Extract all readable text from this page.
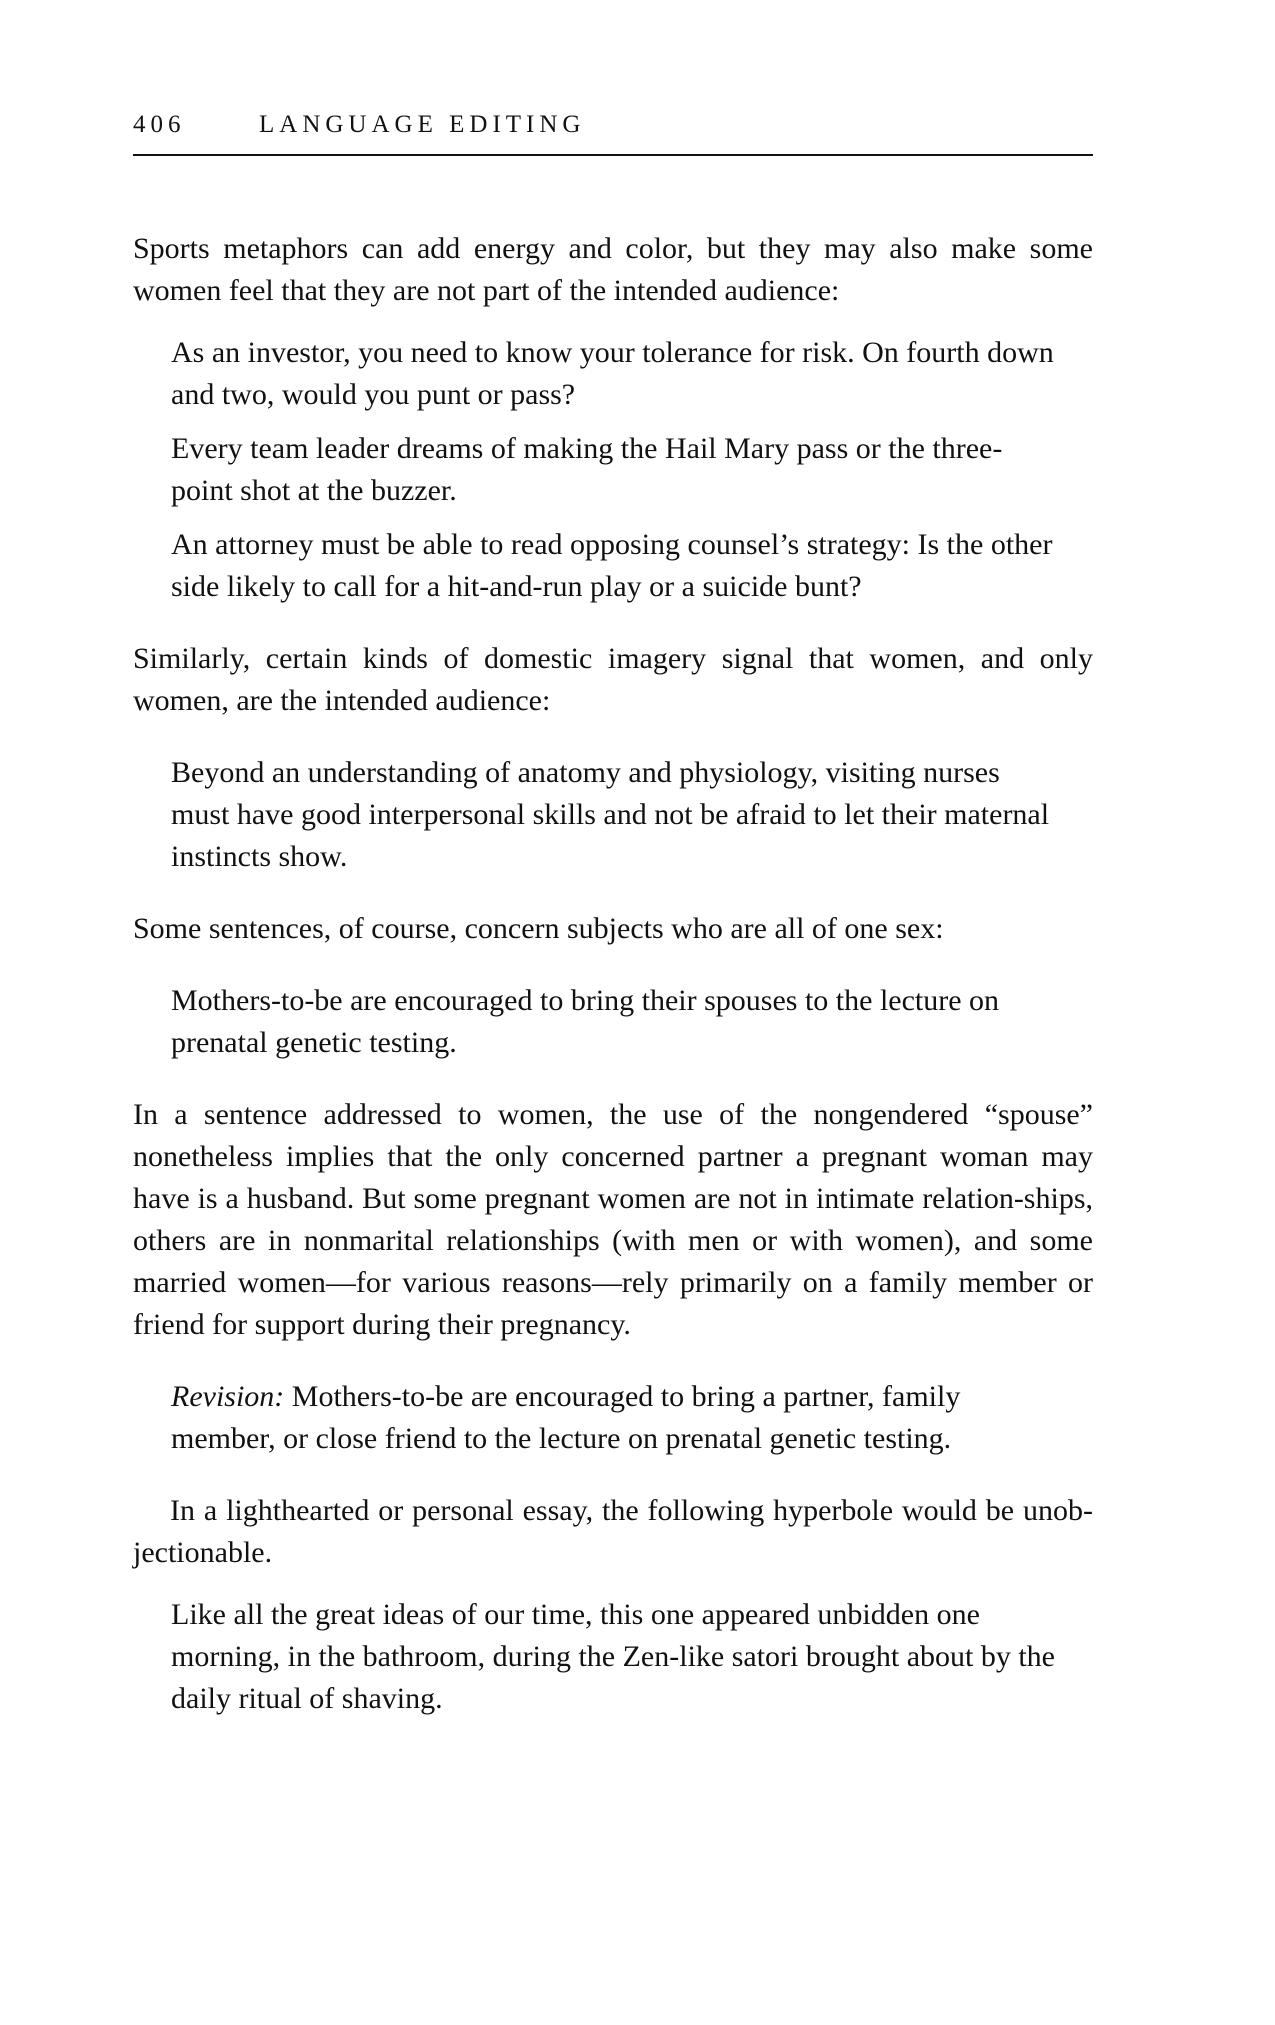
406	LANGUAGE EDITING

Sports metaphors can add energy and color, but they may also make some women feel that they are not part of the intended audience:

As an investor, you need to know your tolerance for risk. On fourth down and two, would you punt or pass?

Every team leader dreams of making the Hail Mary pass or the three-point shot at the buzzer.

An attorney must be able to read opposing counsel’s strategy: Is the other side likely to call for a hit-and-run play or a suicide bunt?

Similarly, certain kinds of domestic imagery signal that women, and only women, are the intended audience:

Beyond an understanding of anatomy and physiology, visiting nurses must have good interpersonal skills and not be afraid to let their maternal instincts show.

Some sentences, of course, concern subjects who are all of one sex:

Mothers-to-be are encouraged to bring their spouses to the lecture on prenatal genetic testing.

In a sentence addressed to women, the use of the nongendered “spouse” nonetheless implies that the only concerned partner a pregnant woman may have is a husband. But some pregnant women are not in intimate relation-ships, others are in nonmarital relationships (with men or with women), and some married women—for various reasons—rely primarily on a family member or friend for support during their pregnancy.

Revision: Mothers-to-be are encouraged to bring a partner, family member, or close friend to the lecture on prenatal genetic testing.

In a lighthearted or personal essay, the following hyperbole would be unob-jectionable.

Like all the great ideas of our time, this one appeared unbidden one morning, in the bathroom, during the Zen-like satori brought about by the daily ritual of shaving.
